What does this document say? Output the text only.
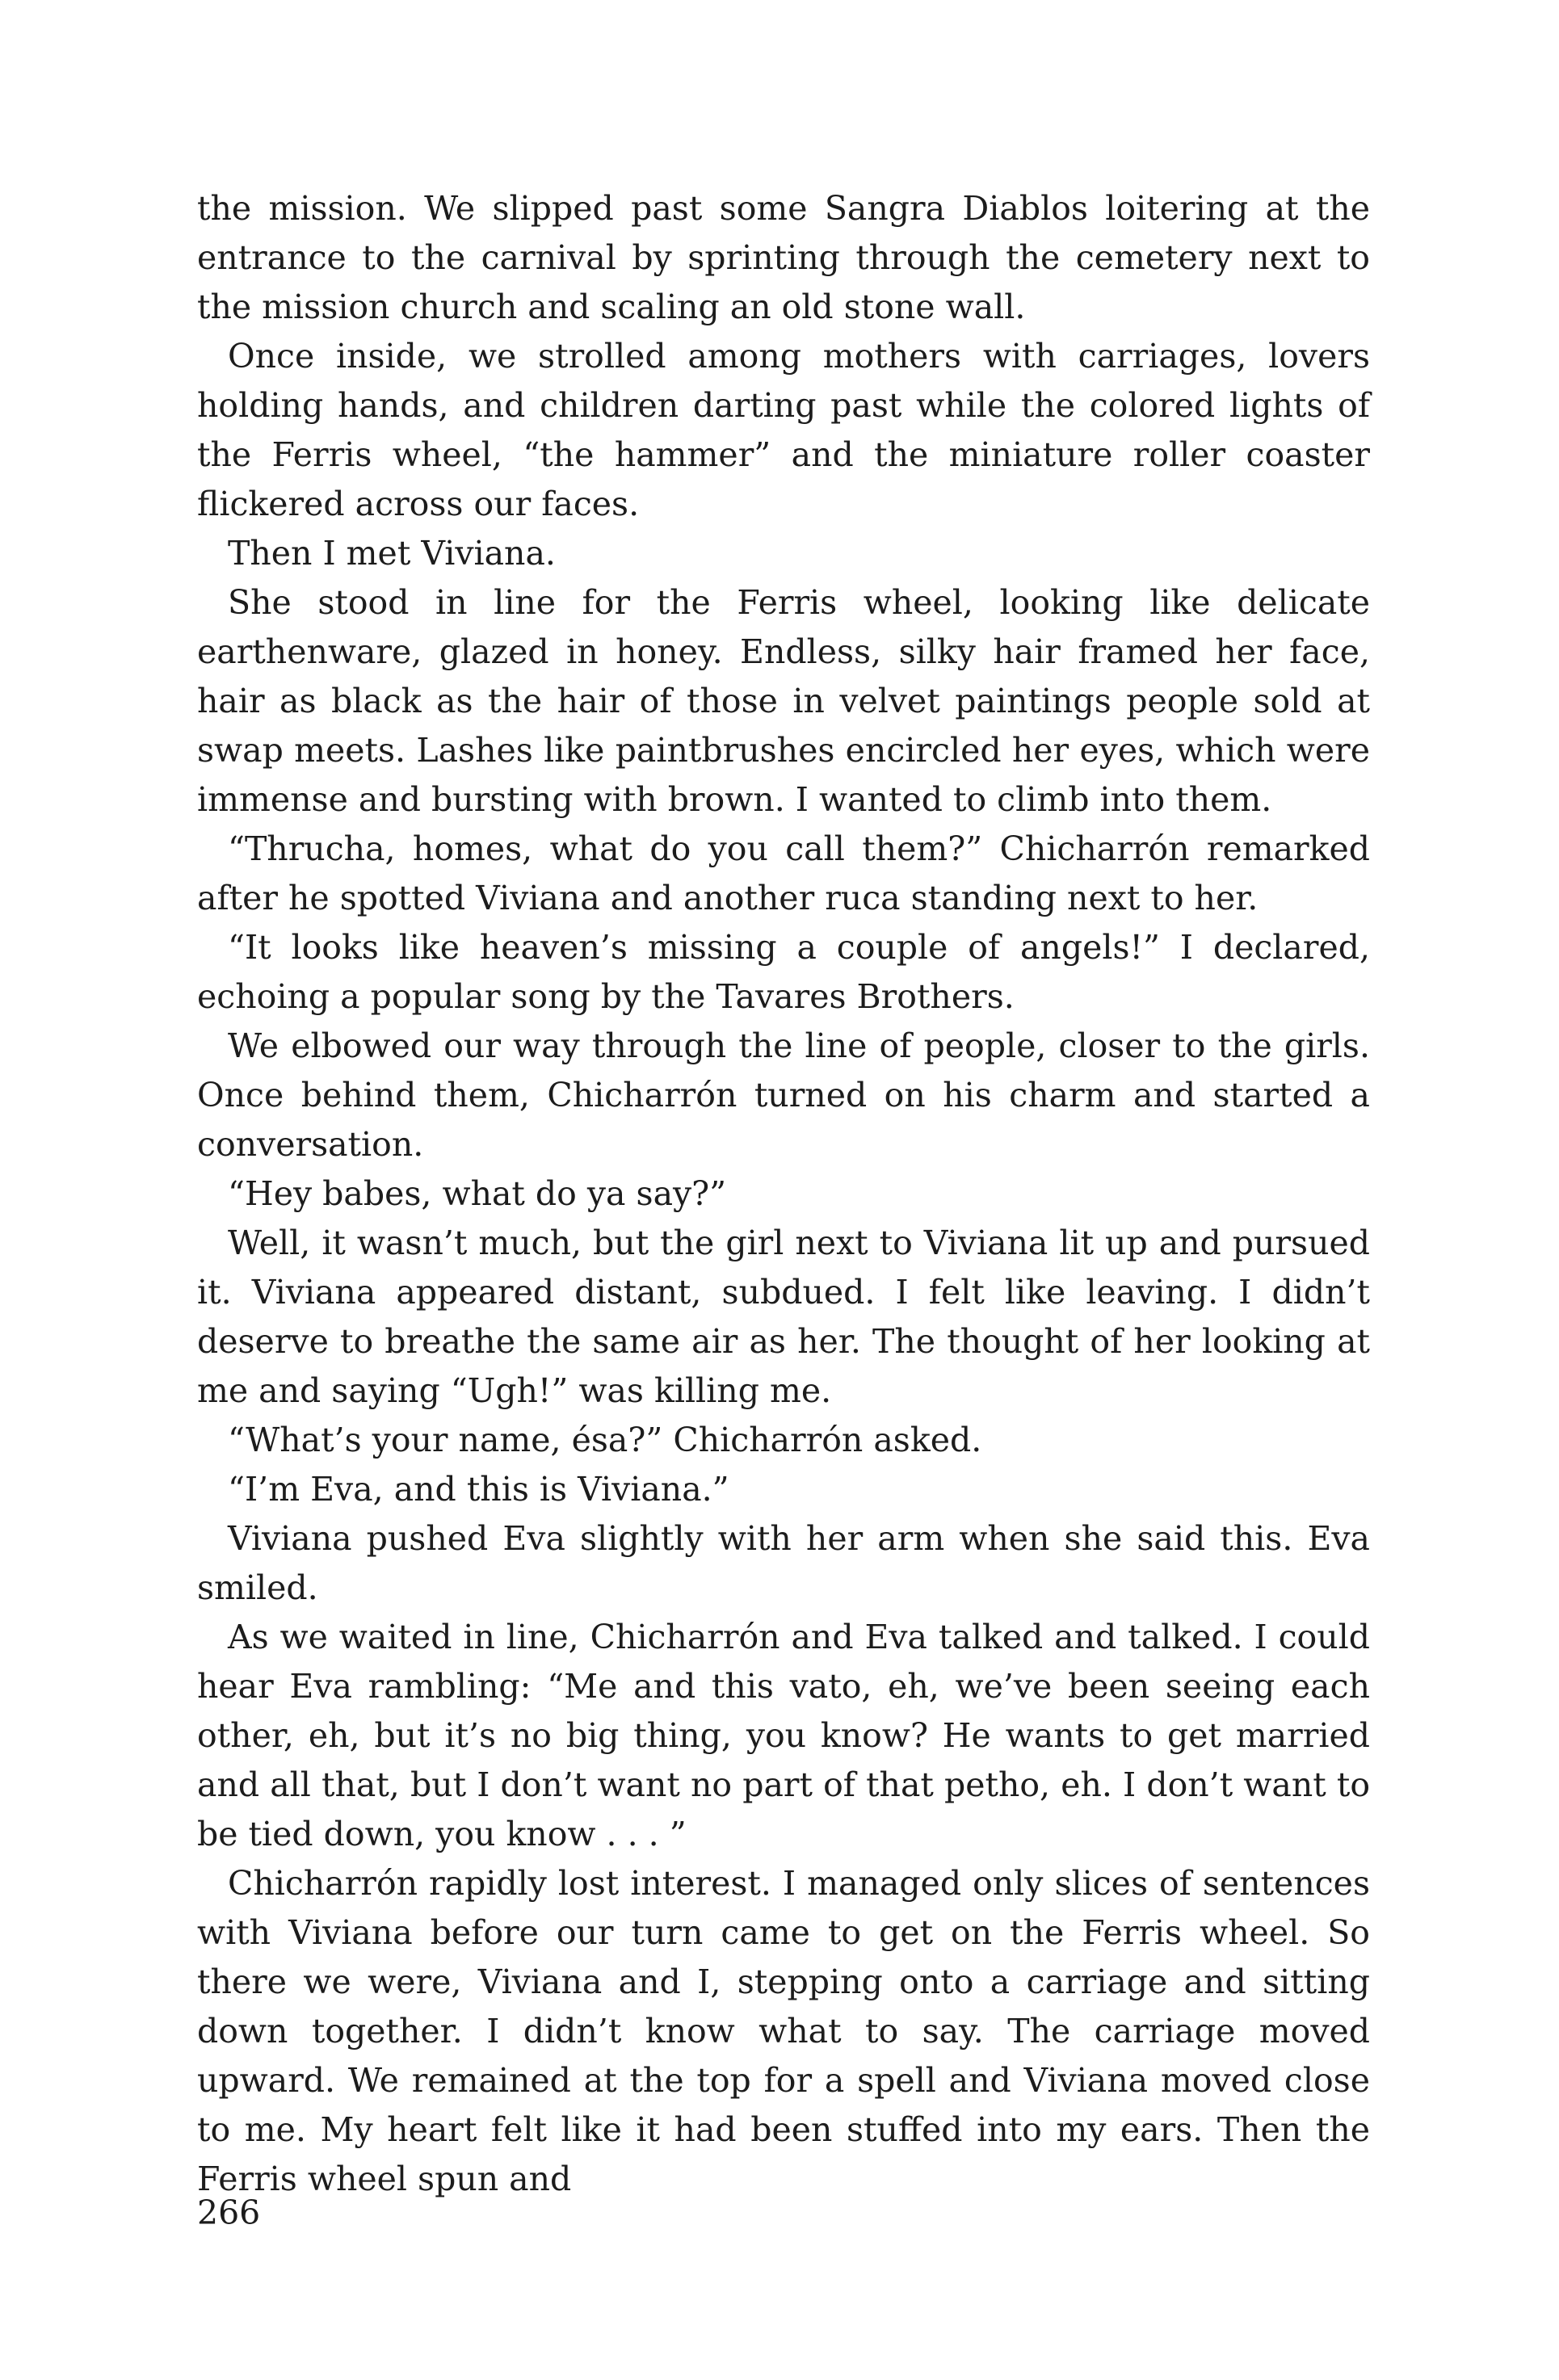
the mission. We slipped past some Sangra Diablos loitering at the entrance to the carnival by sprinting through the cemetery next to the mission church and scaling an old stone wall.

Once inside, we strolled among mothers with carriages, lovers holding hands, and children darting past while the colored lights of the Ferris wheel, “the hammer” and the miniature roller coaster flickered across our faces.

Then I met Viviana.

She stood in line for the Ferris wheel, looking like delicate earthenware, glazed in honey. Endless, silky hair framed her face, hair as black as the hair of those in velvet paintings people sold at swap meets. Lashes like paintbrushes encircled her eyes, which were immense and bursting with brown. I wanted to climb into them.

“Thrucha, homes, what do you call them?” Chicharrón remarked after he spotted Viviana and another ruca standing next to her.

“It looks like heaven’s missing a couple of angels!” I declared, echoing a popular song by the Tavares Brothers.

We elbowed our way through the line of people, closer to the girls. Once behind them, Chicharrón turned on his charm and started a conversation.

“Hey babes, what do ya say?”

Well, it wasn’t much, but the girl next to Viviana lit up and pursued it. Viviana appeared distant, subdued. I felt like leaving. I didn’t deserve to breathe the same air as her. The thought of her looking at me and saying “Ugh!” was killing me.

“What’s your name, ésa?” Chicharrón asked.

“I’m Eva, and this is Viviana.”

Viviana pushed Eva slightly with her arm when she said this. Eva smiled.

As we waited in line, Chicharrón and Eva talked and talked. I could hear Eva rambling: “Me and this vato, eh, we’ve been seeing each other, eh, but it’s no big thing, you know? He wants to get married and all that, but I don’t want no part of that petho, eh. I don’t want to be tied down, you know . . . ”

Chicharrón rapidly lost interest. I managed only slices of sentences with Viviana before our turn came to get on the Ferris wheel. So there we were, Viviana and I, stepping onto a carriage and sitting down together. I didn’t know what to say. The carriage moved upward. We remained at the top for a spell and Viviana moved close to me. My heart felt like it had been stuffed into my ears. Then the Ferris wheel spun and

266
